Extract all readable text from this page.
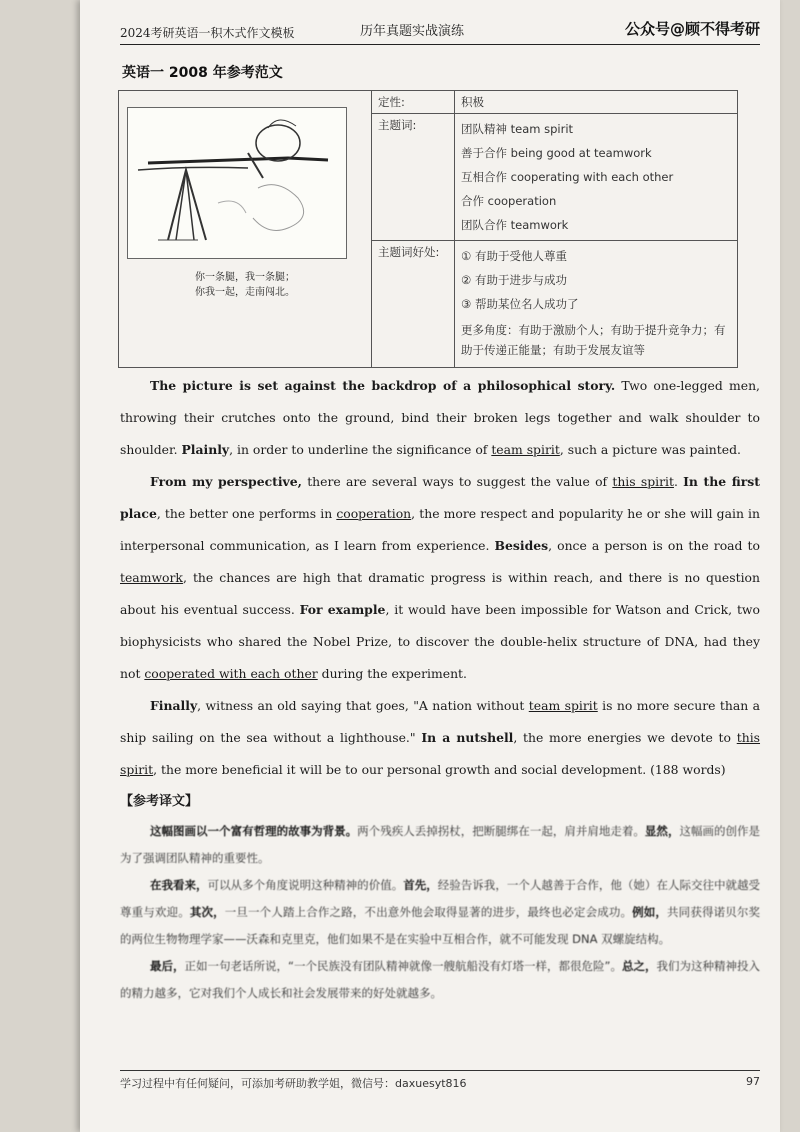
2024考研英语一积木式作文模板	历年真题实战演练	公众号@顾不得考研
英语一 2008 年参考范文
你一条腿，我一条腿；
你我一起，走南闯北。	定性:	积极
	主题词:	团队精神 team spirit
善于合作 being good at teamwork
互相合作 cooperating with each other
合作 cooperation
团队合作 teamwork

	主题词好处:	① 有助于受他人尊重
② 有助于进步与成功
③ 帮助某位名人成功了
更多角度：有助于激励个人；有助于提升竞争力；有助于传递正能量；有助于发展友谊等

The picture is set against the backdrop of a philosophical story. Two one-legged men, throwing their crutches onto the ground, bind their broken legs together and walk shoulder to shoulder. Plainly, in order to underline the significance of team spirit, such a picture was painted.

From my perspective, there are several ways to suggest the value of this spirit. In the first place, the better one performs in cooperation, the more respect and popularity he or she will gain in interpersonal communication, as I learn from experience. Besides, once a person is on the road to teamwork, the chances are high that dramatic progress is within reach, and there is no question about his eventual success. For example, it would have been impossible for Watson and Crick, two biophysicists who shared the Nobel Prize, to discover the double-helix structure of DNA, had they not cooperated with each other during the experiment.

Finally, witness an old saying that goes, "A nation without team spirit is no more secure than a ship sailing on the sea without a lighthouse." In a nutshell, the more energies we devote to this spirit, the more beneficial it will be to our personal growth and social development. (188 words)

【参考译文】

这幅图画以一个富有哲理的故事为背景。两个残疾人丢掉拐杖，把断腿绑在一起，肩并肩地走着。显然，这幅画的创作是为了强调团队精神的重要性。

在我看来，可以从多个角度说明这种精神的价值。首先，经验告诉我，一个人越善于合作，他（她）在人际交往中就越受尊重与欢迎。其次，一旦一个人踏上合作之路，不出意外他会取得显著的进步，最终也必定会成功。例如，共同获得诺贝尔奖的两位生物物理学家——沃森和克里克，他们如果不是在实验中互相合作，就不可能发现 DNA 双螺旋结构。

最后，正如一句老话所说，“一个民族没有团队精神就像一艘航船没有灯塔一样，都很危险”。总之，我们为这种精神投入的精力越多，它对我们个人成长和社会发展带来的好处就越多。

学习过程中有任何疑问，可添加考研助教学姐，微信号：daxuesyt816	97
